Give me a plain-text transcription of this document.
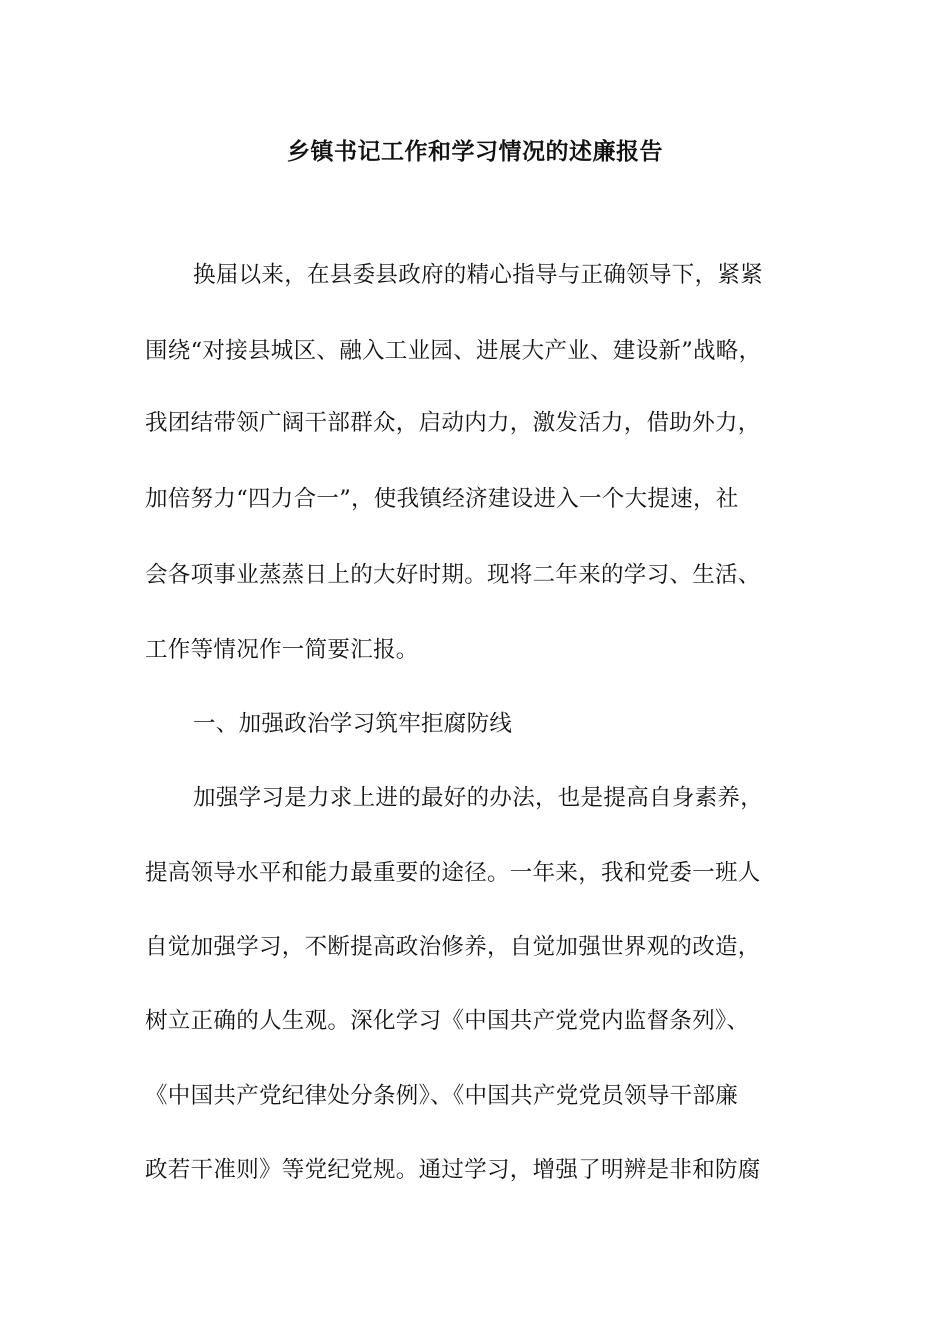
乡镇书记工作和学习情况的述廉报告
换届以来，在县委县政府的精心指导与正确领导下，紧紧
围绕“对接县城区、融入工业园、进展大产业、建设新”战略，
我团结带领广阔干部群众，启动内力，激发活力，借助外力，
加倍努力“四力合一”，使我镇经济建设进入一个大提速，社
会各项事业蒸蒸日上的大好时期。现将二年来的学习、生活、
工作等情况作一简要汇报。
一、加强政治学习筑牢拒腐防线
加强学习是力求上进的最好的办法，也是提高自身素养，
提高领导水平和能力最重要的途径。一年来，我和党委一班人
自觉加强学习，不断提高政治修养，自觉加强世界观的改造，
树立正确的人生观。深化学习《中国共产党党内监督条列》、
《中国共产党纪律处分条例》、《中国共产党党员领导干部廉
政若干准则》等党纪党规。通过学习，增强了明辨是非和防腐
